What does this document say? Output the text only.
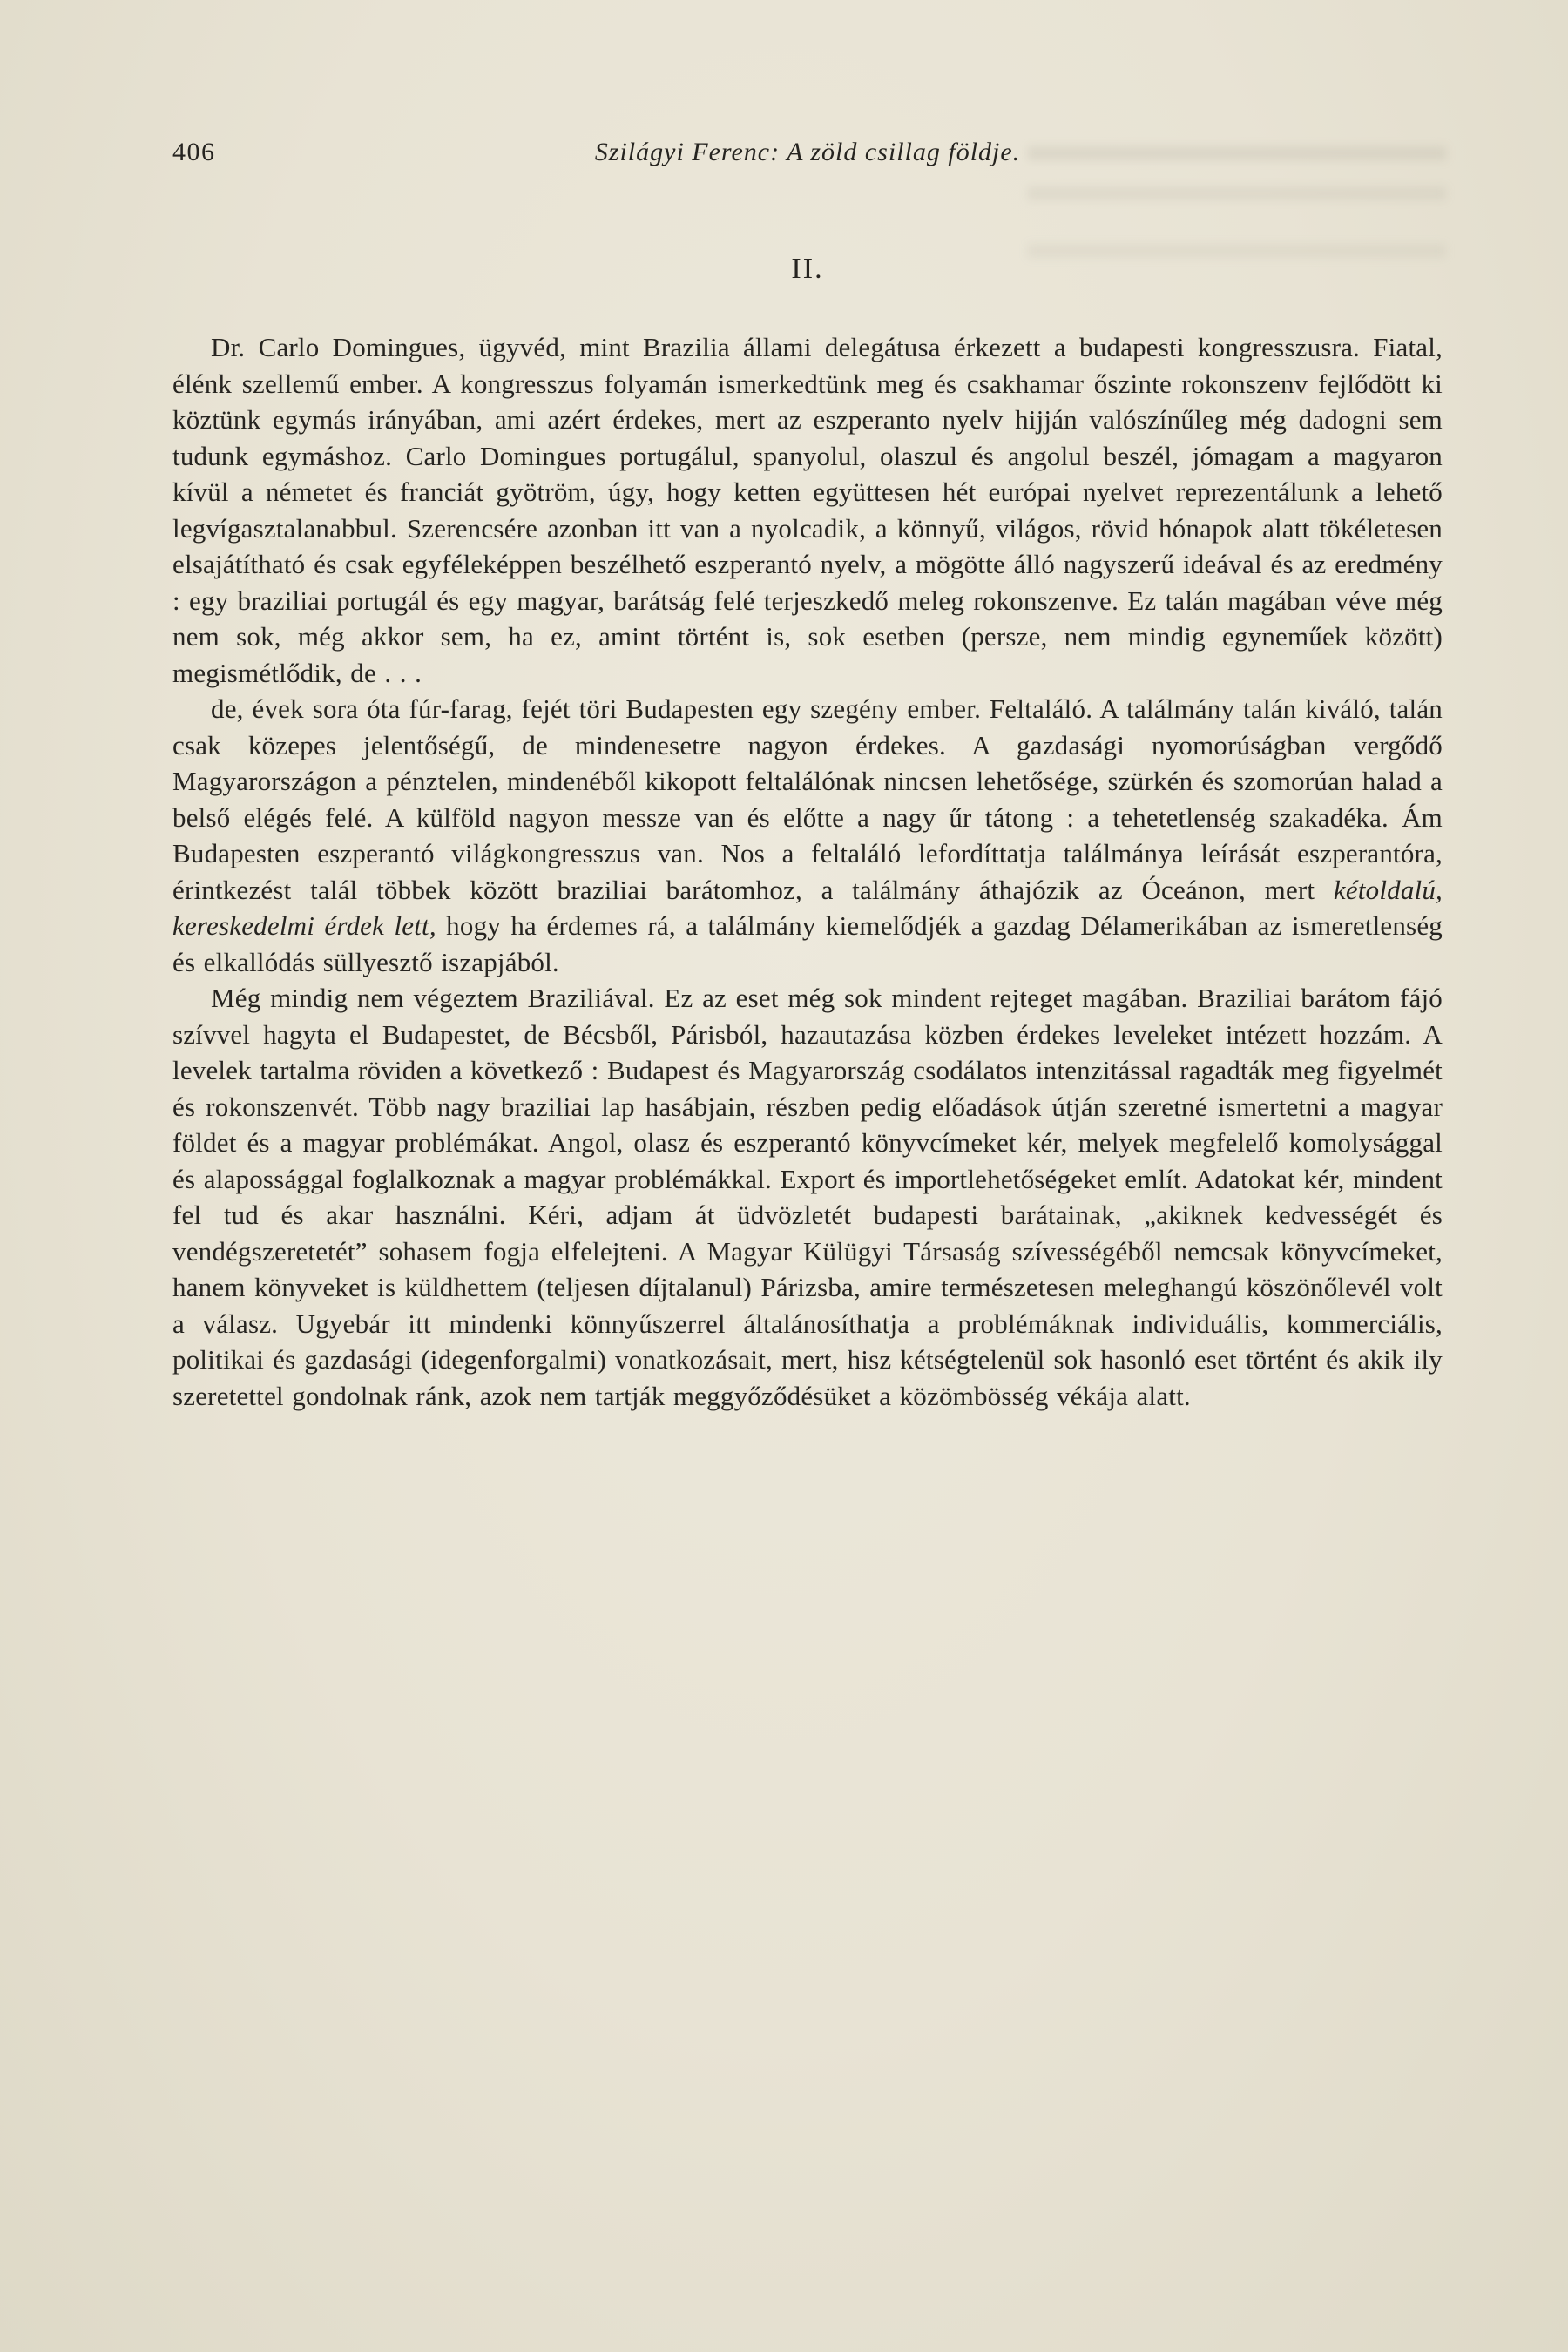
406	Szilágyi Ferenc: A zöld csillag földje.
II.

Dr. Carlo Domingues, ügyvéd, mint Brazilia állami delegátusa érkezett a budapesti kongresszusra. Fiatal, élénk szellemű ember. A kongresszus folyamán ismerkedtünk meg és csakhamar őszinte rokonszenv fejlődött ki köztünk egymás irányában, ami azért érdekes, mert az eszperanto nyelv hijján valószínűleg még dadogni sem tudunk egymáshoz. Carlo Domingues portugálul, spanyolul, olaszul és angolul beszél, jómagam a magyaron kívül a németet és franciát gyötröm, úgy, hogy ketten együttesen hét európai nyelvet reprezentálunk a lehető legvígasztalanabbul. Szerencsére azonban itt van a nyolcadik, a könnyű, világos, rövid hónapok alatt tökéletesen elsajátítható és csak egyféleképpen beszélhető eszperantó nyelv, a mögötte álló nagyszerű ideával és az eredmény : egy braziliai portugál és egy magyar, barátság felé terjeszkedő meleg rokonszenve. Ez talán magában véve még nem sok, még akkor sem, ha ez, amint történt is, sok esetben (persze, nem mindig egyneműek között) megismétlődik, de . . .

de, évek sora óta fúr-farag, fejét töri Budapesten egy szegény ember. Feltaláló. A találmány talán kiváló, talán csak közepes jelentőségű, de mindenesetre nagyon érdekes. A gazdasági nyomorúságban vergődő Magyarországon a pénztelen, mindenéből kikopott feltalálónak nincsen lehetősége, szürkén és szomorúan halad a belső elégés felé. A külföld nagyon messze van és előtte a nagy űr tátong : a tehetetlenség szakadéka. Ám Budapesten eszperantó világkongresszus van. Nos a feltaláló lefordíttatja találmánya leírását eszperantóra, érintkezést talál többek között braziliai barátomhoz, a találmány áthajózik az Óceánon, mert kétoldalú, kereskedelmi érdek lett, hogy ha érdemes rá, a találmány kiemelődjék a gazdag Délamerikában az ismeretlenség és elkallódás süllyesztő iszapjából.

Még mindig nem végeztem Braziliával. Ez az eset még sok mindent rejteget magában. Braziliai barátom fájó szívvel hagyta el Budapestet, de Bécsből, Párisból, hazautazása közben érdekes leveleket intézett hozzám. A levelek tartalma röviden a következő : Budapest és Magyarország csodálatos intenzitással ragadták meg figyelmét és rokonszenvét. Több nagy braziliai lap hasábjain, részben pedig előadások útján szeretné ismertetni a magyar földet és a magyar problémákat. Angol, olasz és eszperantó könyvcímeket kér, melyek megfelelő komolysággal és alapossággal foglalkoznak a magyar problémákkal. Export és importlehetőségeket említ. Adatokat kér, mindent fel tud és akar használni. Kéri, adjam át üdvözletét budapesti barátainak, „akiknek kedvességét és vendégszeretetét” sohasem fogja elfelejteni. A Magyar Külügyi Társaság szívességéből nemcsak könyvcímeket, hanem könyveket is küldhettem (teljesen díjtalanul) Párizsba, amire természetesen meleghangú köszönőlevél volt a válasz. Ugyebár itt mindenki könnyűszerrel általánosíthatja a problémáknak individuális, kommerciális, politikai és gazdasági (idegenforgalmi) vonatkozásait, mert, hisz kétségtelenül sok hasonló eset történt és akik ily szeretettel gondolnak ránk, azok nem tartják meggyőződésüket a közömbösség vékája alatt.
